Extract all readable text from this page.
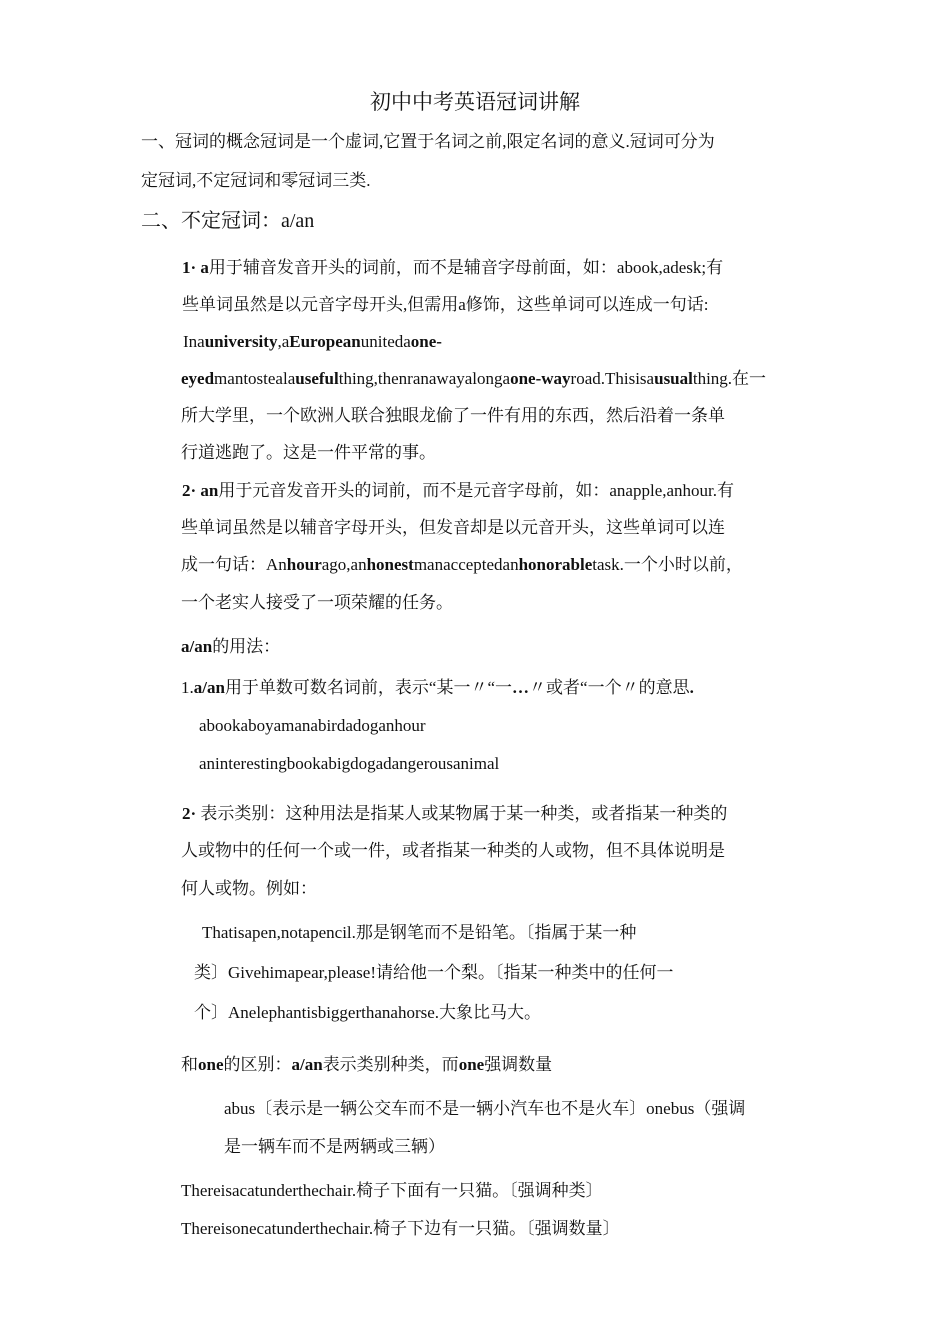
初中中考英语冠词讲解
一、冠词的概念冠词是一个虚词,它置于名词之前,限定名词的意义.冠词可分为
定冠词,不定冠词和零冠词三类.
二、不定冠词：a/an
1· a用于辅音发音开头的词前，而不是辅音字母前面，如：abook,adesk;有
些单词虽然是以元音字母开头,但需用a修饰，这些单词可以连成一句话:
Inauniversity,aEuropeanunitedaone-
eyedmantostealausefulthing,thenranawayalongaone-wayroad.Thisisausualthing.在一
所大学里，一个欧洲人联合独眼龙偷了一件有用的东西，然后沿着一条单
行道逃跑了。这是一件平常的事。
2· an用于元音发音开头的词前，而不是元音字母前，如：anapple,anhour.有
些单词虽然是以辅音字母开头，但发音却是以元音开头，这些单词可以连
成一句话：Anhourago,anhonestmanacceptedanhonorabletask.一个小时以前，
一个老实人接受了一项荣耀的任务。
a/an的用法：
1.a/an用于单数可数名词前，表示“某一〃“一…〃或者“一个〃的意思.
abookaboyamanabirdadoganhour
aninterestingbookabigdogadangerousanimal
2· 表示类别：这种用法是指某人或某物属于某一种类，或者指某一种类的
人或物中的任何一个或一件，或者指某一种类的人或物，但不具体说明是
何人或物。例如：
Thatisapen,notapencil.那是钢笔而不是铅笔。〔指属于某一种
类〕Givehimapear,please!请给他一个梨。〔指某一种类中的任何一
个〕Anelephantisbiggerthanahorse.大象比马大。
和one的区别：a/an表示类别种类，而one强调数量
abus〔表示是一辆公交车而不是一辆小汽车也不是火车〕onebus（强调
是一辆车而不是两辆或三辆）
Thereisacatunderthechair.椅子下面有一只猫。〔强调种类〕
Thereisonecatunderthechair.椅子下边有一只猫。〔强调数量〕
